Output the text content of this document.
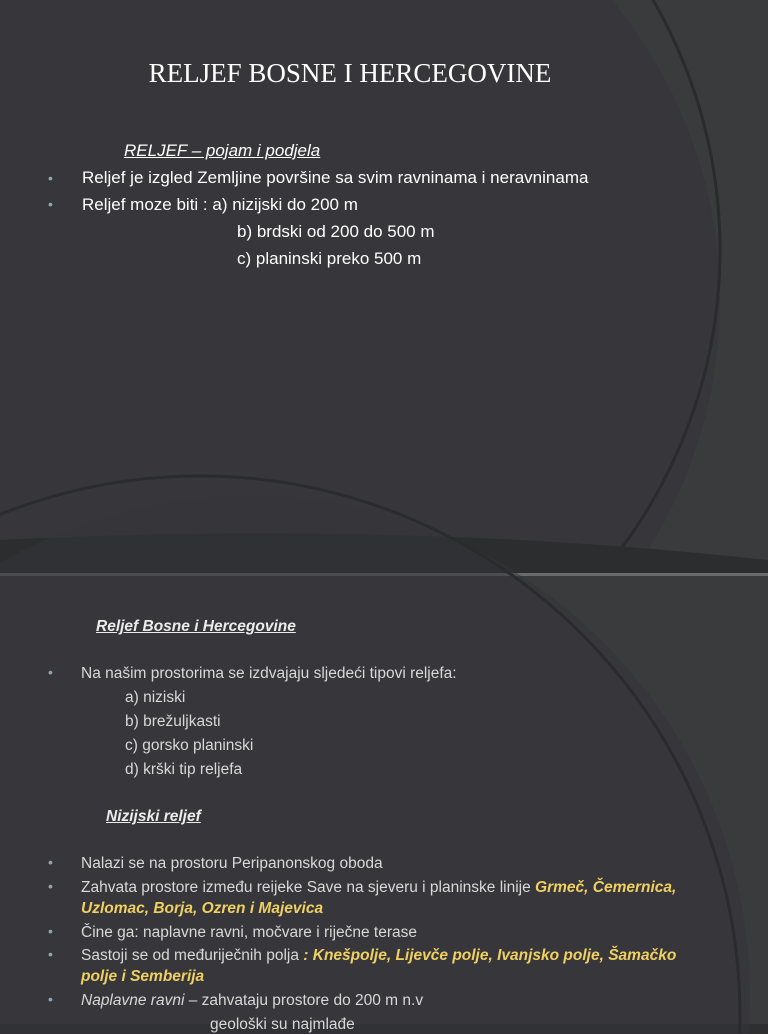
RELJEF BOSNE I HERCEGOVINE
RELJEF – pojam i podjela
• Reljef je izgled Zemljine površine sa svim ravninama i neravninama
• Reljef moze biti : a) nizijski do 200 m
b) brdski od 200 do 500 m
c) planinski preko 500 m
Reljef Bosne i Hercegovine
• Na našim prostorima se izdvajaju sljedeći tipovi reljefa:
a) niziski
b) brežuljkasti
c) gorsko planinski
d) krški tip reljefa
Nizijski reljef
• Nalazi se na prostoru Peripanonskog oboda
• Zahvata prostore između reijeke Save na sjeveru i planinske linije Grmeč, Čemernica,
Uzlomac, Borja, Ozren i Majevica
• Čine ga: naplavne ravni, močvare i riječne terase
• Sastoji se od međuriječnih polja : Knešpolje, Lijevče polje, Ivanjsko polje, Šamačko
polje i Semberija
• Naplavne ravni – zahvataju prostore do 200 m n.v
geološki su najmlađe
